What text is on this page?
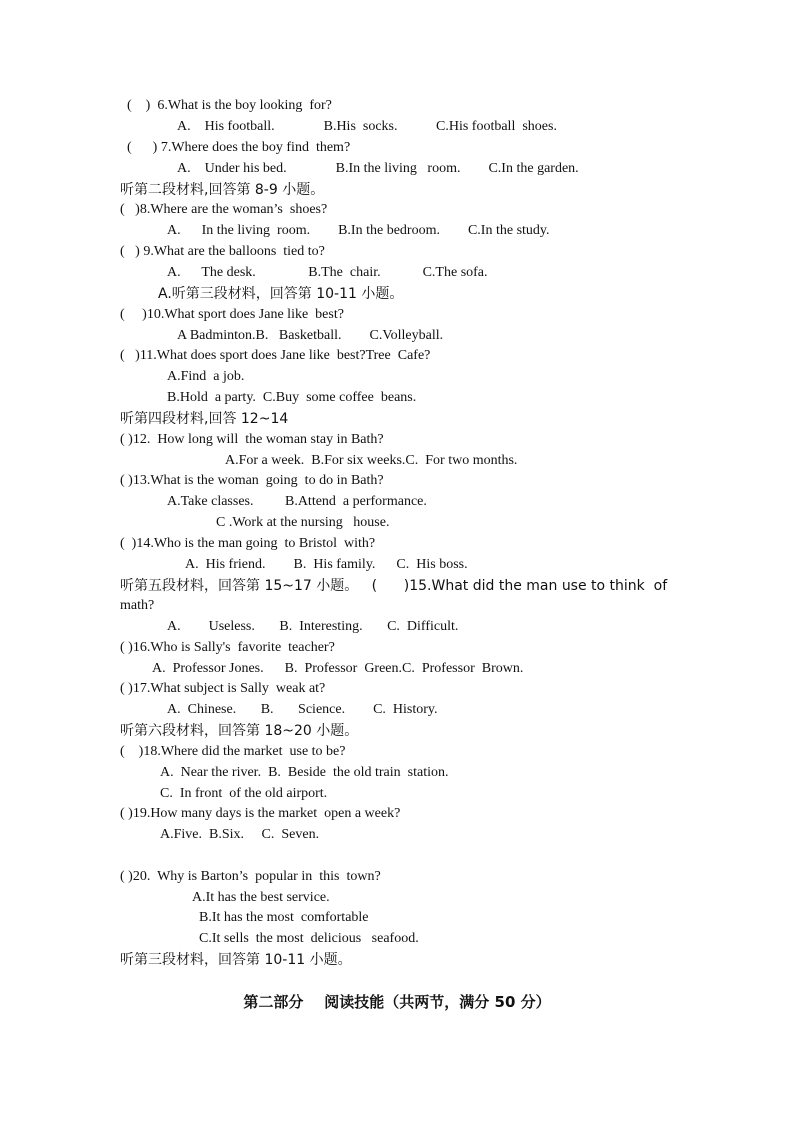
(    )  6.What is the boy looking  for?
A.    His football.              B.His  socks.           C.His football  shoes.
(      ) 7.Where does the boy find  them?
A.    Under his bed.              B.In the living   room.        C.In the garden.
听第二段材料,回答第 8-9 小题。
(   )8.Where are the woman’s  shoes?
A.      In the living  room.        B.In the bedroom.        C.In the study.
(   ) 9.What are the balloons  tied to?
A.      The desk.               B.The  chair.            C.The sofa.
A.听第三段材料，回答第 10-11 小题。
(     )10.What sport does Jane like  best?
A Badminton.B.   Basketball.        C.Volleyball.
(   )11.What does sport does Jane like  best?Tree  Cafe?
A.Find  a job.
B.Hold  a party.  C.Buy  some coffee  beans.
听第四段材料,回答 12~14
( )12.  How long will  the woman stay in Bath?
A.For a week.  B.For six weeks.C.  For two months.
( )13.What is the woman  going  to do in Bath?
A.Take classes.         B.Attend  a performance.
C .Work at the nursing   house.
(  )14.Who is the man going  to Bristol  with?
A.  His friend.        B.  His family.      C.  His boss.
听第五段材料，回答第 15~17 小题。   (      )15.What did the man use to think  of
math?
A.        Useless.       B.  Interesting.       C.  Difficult.
( )16.Who is Sally's  favorite  teacher?
A.  Professor Jones.      B.  Professor  Green.C.  Professor  Brown.
( )17.What subject is Sally  weak at?
A.  Chinese.       B.       Science.        C.  History.
听第六段材料，回答第 18~20 小题。
(    )18.Where did the market  use to be?
A.  Near the river.  B.  Beside  the old train  station.
C.  In front  of the old airport.
( )19.How many days is the market  open a week?
A.Five.  B.Six.     C.  Seven.
( )20.  Why is Barton’s  popular in  this  town?
A.It has the best service.
B.It has the most  comfortable
C.It sells  the most  delicious   seafood.
听第三段材料，回答第 10-11 小题。
第二部分    阅读技能（共两节，满分 50 分）
